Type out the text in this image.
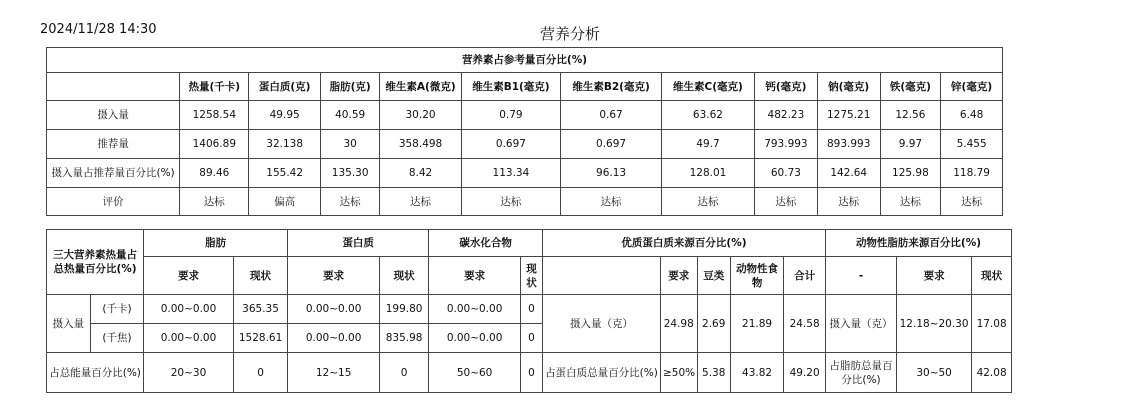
2024/11/28 14:30	营养分析
营养素占参考量百分比(%)											
	热量(千卡)	蛋白质(克)	脂肪(克)	维生素A(微克)	维生素B1(毫克)	维生素B2(毫克)	维生素C(毫克)	钙(毫克)	钠(毫克)	铁(毫克)	锌(毫克)
摄入量	1258.54	49.95	40.59	30.20	0.79	0.67	63.62	482.23	1275.21	12.56	6.48
推荐量	1406.89	32.138	30	358.498	0.697	0.697	49.7	793.993	893.993	9.97	5.455
摄入量占推荐量百分比(%)	89.46	155.42	135.30	8.42	113.34	96.13	128.01	60.73	142.64	125.98	118.79
评价	达标	偏高	达标	达标	达标	达标	达标	达标	达标	达标	达标
三大营养素热量占总热量百分比(%)		脂肪		蛋白质		碳水化合物		优质蛋白质来源百分比(%)					动物性脂肪来源百分比(%)		
		要求	现状	要求	现状	要求	现状		要求	豆类	动物性食物	合计	-	要求	现状
摄入量	(千卡)	0.00~0.00	365.35	0.00~0.00	199.80	0.00~0.00	0	摄入量（克）	24.98	2.69	21.89	24.58	摄入量（克）	12.18~20.30	17.08
	(千焦)	0.00~0.00	1528.61	0.00~0.00	835.98	0.00~0.00	0								
占总能量百分比(%)		20~30	0	12~15	0	50~60	0	占蛋白质总量百分比(%)	≥50%	5.38	43.82	49.20	占脂肪总量百分比(%)	30~50	42.08
